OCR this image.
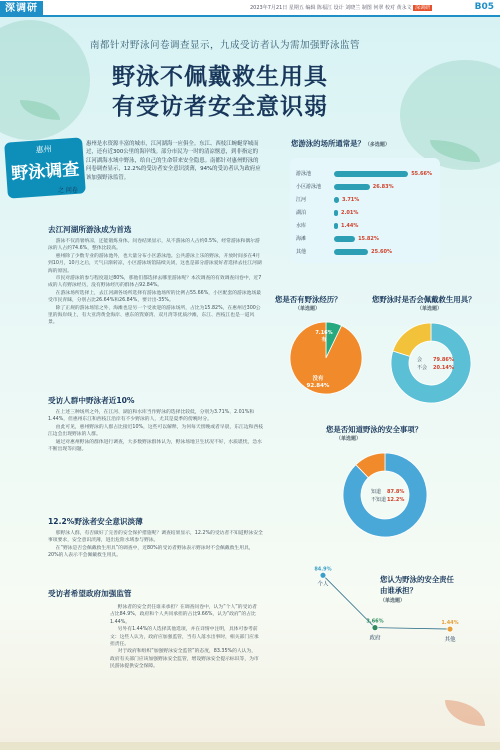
深调研	2023年7月21日 星期五 编辑 陈福江 设计 刘晓兰 制图 何翠 校对 黄永文 深调研	B05
南都针对野泳问卷调查显示，九成受访者认为需加强野泳监管
野泳不佩戴救生用具
有受访者安全意识弱
惠州
野泳调查
之 问卷
惠州是水资源丰富的城市，江河湖海一应俱全。东江、西枝江蜿蜒穿城而过，还有近300公里的海岸线。部分市民为一时的清凉惬意，到非指定的江河湖海水域中野泳，给自己的生命带来安全隐患。南都针对惠州野泳的问卷调查显示，12.2%的受访者安全意识淡薄，94%的受访者认为政府应该加强野泳监管。
去江河湖所游泳成为首选

游泳不仅消暑纳凉，还能锻炼身体。问卷结果显示，从不游泳的人占约0.5%，经常游泳和偶尔游泳的人占约74.6%，整体比较高。

惠州除了少数专业的游泳池外，也大量分布小区游泳池。公共游泳上乐的野泳，开放时间多在4月到10月，10月之后，天气日渐转凉，小区游泳场馆陆续关闭，这也是部分游泳爱好者选择去往江河湖海的原因。

市民对游泳的参与程度超过80%，那他们都选择去哪里游泳呢？本次调查的有效调查问卷中，近7成的人有野泳经历，没有野泳经历的群体占92.84%。

在游泳场所选择上，去江河湖各场所选择有游泳池场所的比例占55.66%，小区配套的游泳池场最受市民青睐，分别占比26.64%和26.84%，要计出-35%。

除了正规的游泳场馆之外，海滩也是另一个受欢迎的游泳场所，占比为15.82%，在惠州近300公里的海岸线上，有大亚湾黄金海岸、惠东的巽寮湾、双月湾等优质沙滩，东江、西枝江也是一道风景。

受访人群中野泳者近10%

在上述三种场所之外，在江河、湖泊和水库当作野泳的选择比较低，分别为3.71%、2.01%和1.44%，但惠州东江和西枝江沿岸有不少野泳的人，尤其是夏季的傍晚时分。

由此可见，惠州野泳的人群占比接近10%，这些可以解释，为何每天傍晚或者早晨，东江边和西枝江边会出现野泳的人群。

通过对惠州野泳的群体进行调查，大多数野泳群体认为，野泳场地卫生状况不好，水质堪忧，急水不断出现等问题。

12.2%野泳者安全意识淡薄

那野泳人群，有否做好了完善的安全保护措施呢？调查结果显示，12.2%的受访者不知道野泳安全事项要求，安全意识淡薄，进出危险水域参与野泳。

在“野泳是否会佩戴救生用具”的调查中，近80%的受访者野泳表示野泳时不会佩戴救生用具，20%的人表示不会佩戴救生用具。

受访者希望政府加强监管

野泳者的安全责任谁来承担？在调查问卷中，认为“个人”的受访者占比84.9%，政府和个人共同承担的占比9.66%，认为“政府”的占比1.44%。

另外有1.44%的人选择其他选项，并在详情中注明，具体可参考前文：这些人认为，政府应加强监管，当有人落水出事时，相关部门应承担责任。

对于政府和组织“加强野泳安全监管”的态度，83.35%的人认为，政府有关部门应该加强野泳安全监管，增设野泳安全提示标识等，为市民游泳提供安全保障。

您游泳的场所通常是？（多选题）
游泳池	55.66%
小区游泳池	26.83%
江河	3.71%
湖泊	2.01%
水库	1.44%
海滩	15.82%
其他	25.60%
您是否有野泳经历？
（单选题）
7.16%
有
没有
92.84%
您野泳时是否会佩戴救生用具？
（单选题）
会 79.86%
不会 20.14%
您是否知道野泳的安全事项？
（单选题）
知道 87.8%
不知道 12.2%
您认为野泳的安全责任由谁承担？
（单选题）
84.9%
个人
3.66%
政府
1.44%
其他
